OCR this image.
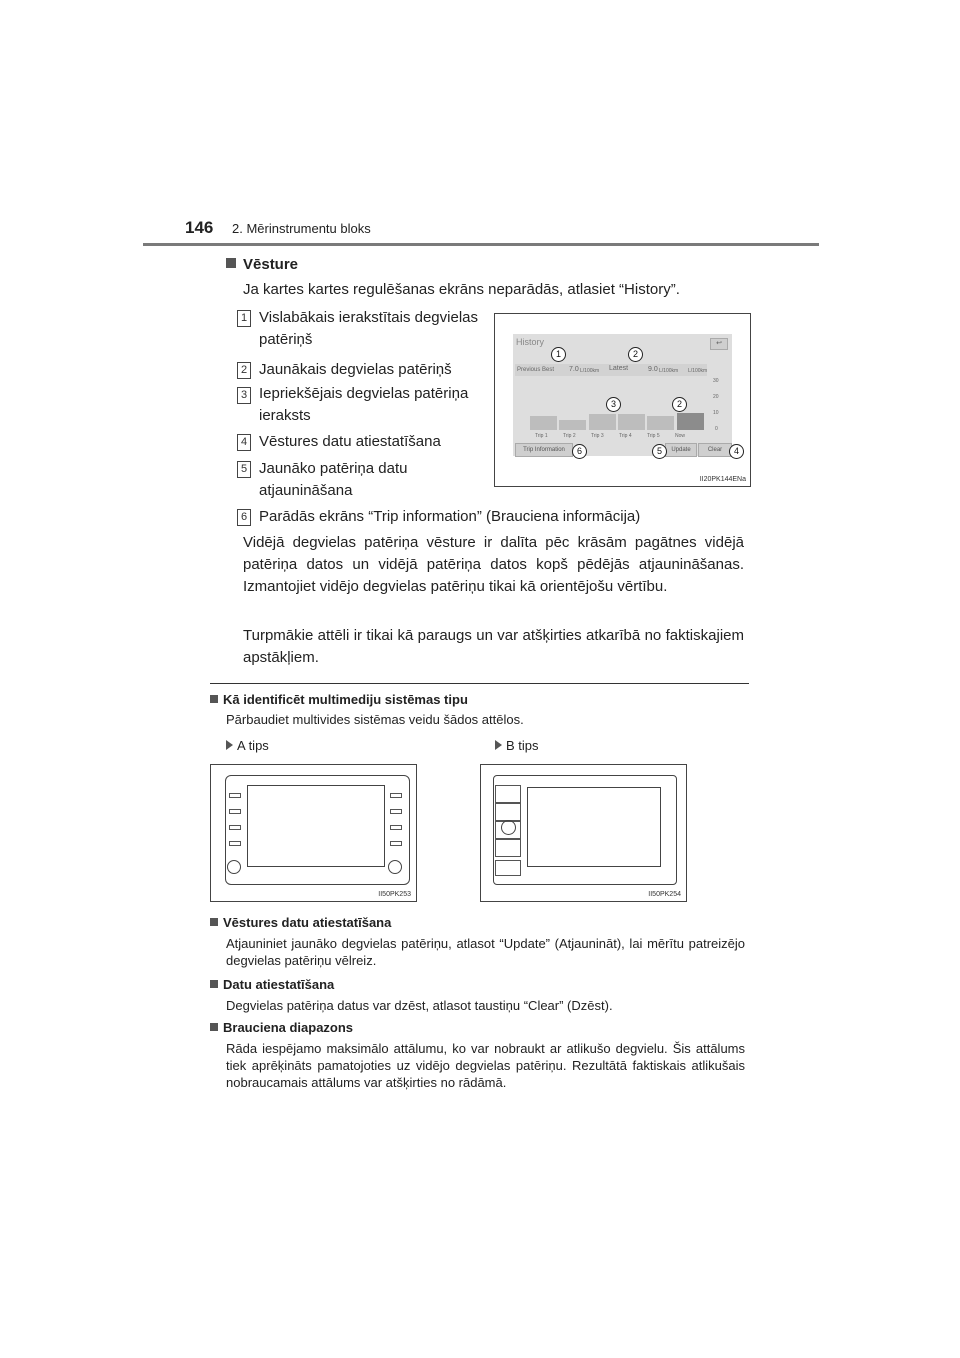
146 2. Mērinstrumentu bloks
Vēsture
Ja kartes kartes regulēšanas ekrāns neparādās, atlasiet “History”.
1 Vislabākais ierakstītais degvielas patēriņš
2 Jaunākais degvielas patēriņš
3 Iepriekšējais degvielas patēriņa ieraksts
4 Vēstures datu atiestatīšana
5 Jaunāko patēriņa datu atjaunināšana
6 Parādās ekrāns “Trip information” (Brauciena informācija)
Vidējā degvielas patēriņa vēsture ir dalīta pēc krāsām pagātnes vidējā patēriņa datos un vidējā patēriņa datos kopš pēdējās atjaunināšanas. Izmantojiet vidējo degvielas patēriņu tikai kā orientējošu vērtību.
Turpmākie attēli ir tikai kā paraugs un var atšķirties atkarībā no faktiskajiem apstākļiem.
History	↩
Previous Best 7.0 L/100km Latest	9.0 L/100km L/100km
30
20
10
0
Trip 1	Trip 2	Trip 3	Trip 4	Trip 5	Now
Trip Information	Update	Clear
1	2
3	2
6	5	4
II20PK144ENa
Kā identificēt multimediju sistēmas tipu
Pārbaudiet multivides sistēmas veidu šādos attēlos.
A tips	B tips
II50PK253	II50PK254
Vēstures datu atiestatīšana
Atjauniniet jaunāko degvielas patēriņu, atlasot “Update” (Atjaunināt), lai mērītu patreizējo degvielas patēriņu vēlreiz.
Datu atiestatīšana
Degvielas patēriņa datus var dzēst, atlasot taustiņu “Clear” (Dzēst).
Brauciena diapazons
Rāda iespējamo maksimālo attālumu, ko var nobraukt ar atlikušo degvielu. Šis attālums tiek aprēķināts pamatojoties uz vidējo degvielas patēriņu. Rezultātā faktiskais atlikušais nobraucamais attālums var atšķirties no rādāmā.
